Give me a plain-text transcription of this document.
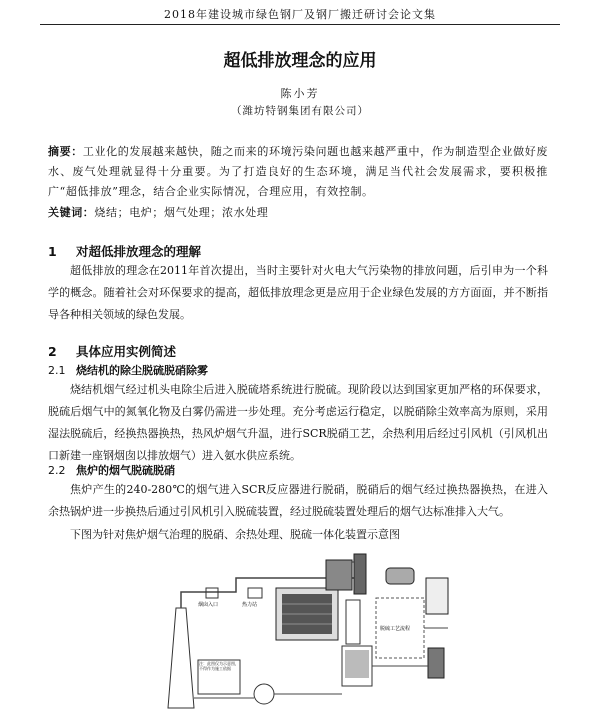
2018年建设城市绿色钢厂及钢厂搬迁研讨会论文集
超低排放理念的应用
陈小芳
（潍坊特钢集团有限公司）
摘要：工业化的发展越来越快，随之而来的环境污染问题也越来越严重中，作为制造型企业做好废水、废气处理就显得十分重要。为了打造良好的生态环境，满足当代社会发展需求，要积极推广“超低排放”理念，结合企业实际情况，合理应用，有效控制。
关键词：烧结；电炉；烟气处理；浓水处理
1 对超低排放理念的理解
超低排放的理念在2011年首次提出，当时主要针对火电大气污染物的排放问题，后引申为一个科学的概念。随着社会对环保要求的提高，超低排放理念更是应用于企业绿色发展的方方面面，并不断指导各种相关领域的绿色发展。
2 具体应用实例简述
2.1 烧结机的除尘脱硫脱硝除雾
烧结机烟气经过机头电除尘后进入脱硫塔系统进行脱硫。现阶段以达到国家更加严格的环保要求，脱硫后烟气中的氮氧化物及白雾仍需进一步处理。充分考虑运行稳定，以脱硝除尘效率高为原则，采用湿法脱硫后，经换热器换热，热风炉烟气升温，进行SCR脱硝工艺，余热利用后经过引风机（引风机出口新建一座钢烟囱以排放烟气）进入氨水供应系统。
2.2 焦炉的烟气脱硫脱硝
焦炉产生的240-280℃的烟气进入SCR反应器进行脱硝，脱硝后的烟气经过换热器换热，在进入余热锅炉进一步换热后通过引风机引入脱硫装置，经过脱硫装置处理后的烟气达标准排入大气。
下图为针对焦炉烟气治理的脱硝、余热处理、脱硫一体化装置示意图
烟囱入口	热力站
脱硫工艺流程
注：此图仅为示意图，不得作为施工依据
